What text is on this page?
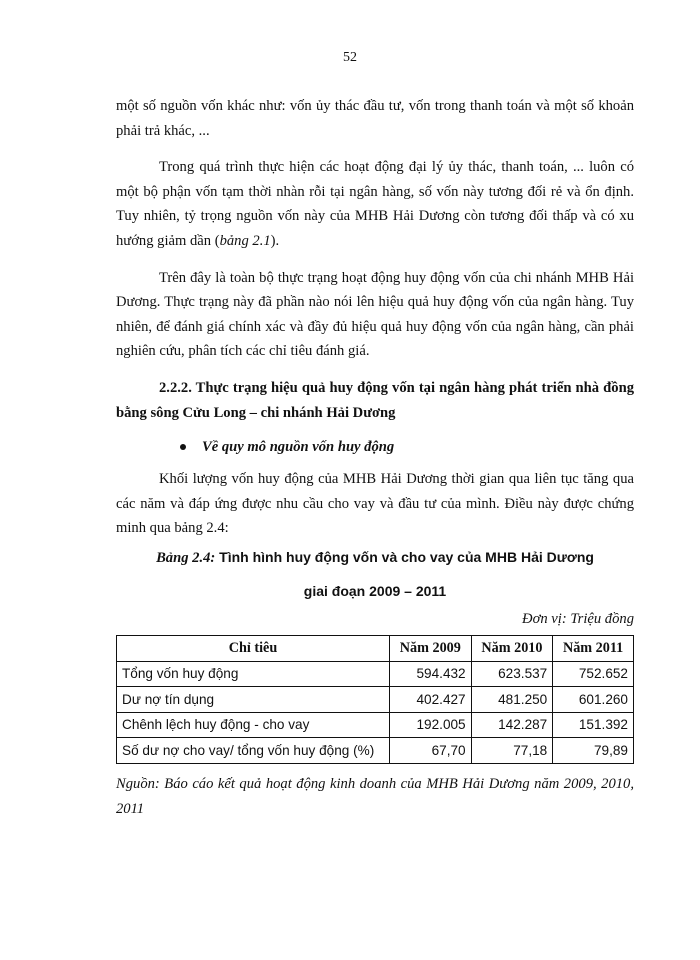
52

một số nguồn vốn khác như: vốn ủy thác đầu tư, vốn trong thanh toán và một số khoản phải trả khác, ...

Trong quá trình thực hiện các hoạt động đại lý ủy thác, thanh toán, ... luôn có một bộ phận vốn tạm thời nhàn rỗi tại ngân hàng, số vốn này tương đối rẻ và ổn định. Tuy nhiên, tỷ trọng nguồn vốn này của MHB Hải Dương còn tương đối thấp và có xu hướng giảm dần (bảng 2.1).

Trên đây là toàn bộ thực trạng hoạt động huy động vốn của chi nhánh MHB Hải Dương. Thực trạng này đã phần nào nói lên hiệu quả huy động vốn của ngân hàng. Tuy nhiên, để đánh giá chính xác và đầy đủ hiệu quả huy động vốn của ngân hàng, cần phải nghiên cứu, phân tích các chỉ tiêu đánh giá.

2.2.2. Thực trạng hiệu quả huy động vốn tại ngân hàng phát triển nhà đồng bằng sông Cửu Long – chi nhánh Hải Dương
Về quy mô nguồn vốn huy động

Khối lượng vốn huy động của MHB Hải Dương thời gian qua liên tục tăng qua các năm và đáp ứng được nhu cầu cho vay và đầu tư của mình. Điều này được chứng minh qua bảng 2.4:

Bảng 2.4: Tình hình huy động vốn và cho vay của MHB Hải Dương
giai đoạn 2009 – 2011
Đơn vị: Triệu đồng
Chỉ tiêu	Năm 2009	Năm 2010	Năm 2011
Tổng vốn huy động	594.432	623.537	752.652
Dư nợ tín dụng	402.427	481.250	601.260
Chênh lệch huy động - cho vay	192.005	142.287	151.392
Số dư nợ cho vay/ tổng vốn huy động (%)	67,70	77,18	79,89
Nguồn: Báo cáo kết quả hoạt động kinh doanh của MHB Hải Dương năm 2009, 2010, 2011
